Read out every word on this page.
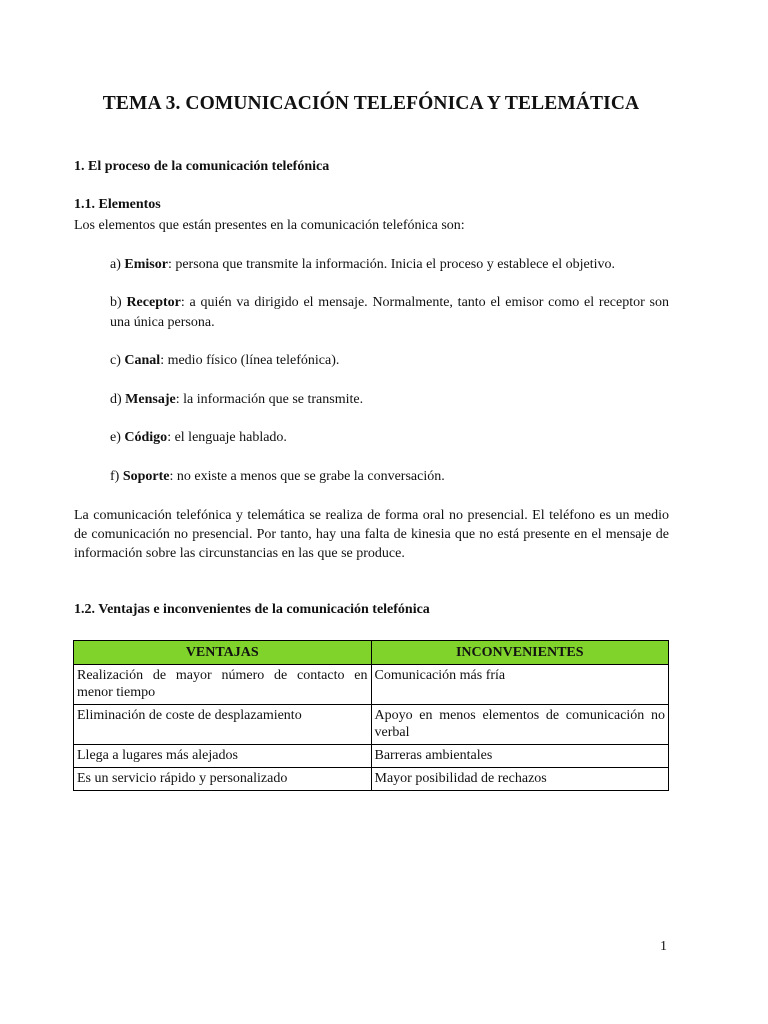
TEMA 3. COMUNICACIÓN TELEFÓNICA Y TELEMÁTICA
1. El proceso de la comunicación telefónica
1.1. Elementos
Los elementos que están presentes en la comunicación telefónica son:
a) Emisor: persona que transmite la información. Inicia el proceso y establece el objetivo.
b) Receptor: a quién va dirigido el mensaje. Normalmente, tanto el emisor como el receptor son una única persona.
c) Canal: medio físico (línea telefónica).
d) Mensaje: la información que se transmite.
e) Código: el lenguaje hablado.
f) Soporte: no existe a menos que se grabe la conversación.
La comunicación telefónica y telemática se realiza de forma oral no presencial. El teléfono es un medio de comunicación no presencial. Por tanto, hay una falta de kinesia que no está presente en el mensaje de información sobre las circunstancias en las que se produce.
1.2. Ventajas e inconvenientes de la comunicación telefónica
VENTAJAS	INCONVENIENTES
Realización de mayor número de contacto en menor tiempo	Comunicación más fría
Eliminación de coste de desplazamiento	Apoyo en menos elementos de comunicación no verbal
Llega a lugares más alejados	Barreras ambientales
Es un servicio rápido y personalizado	Mayor posibilidad de rechazos
1
